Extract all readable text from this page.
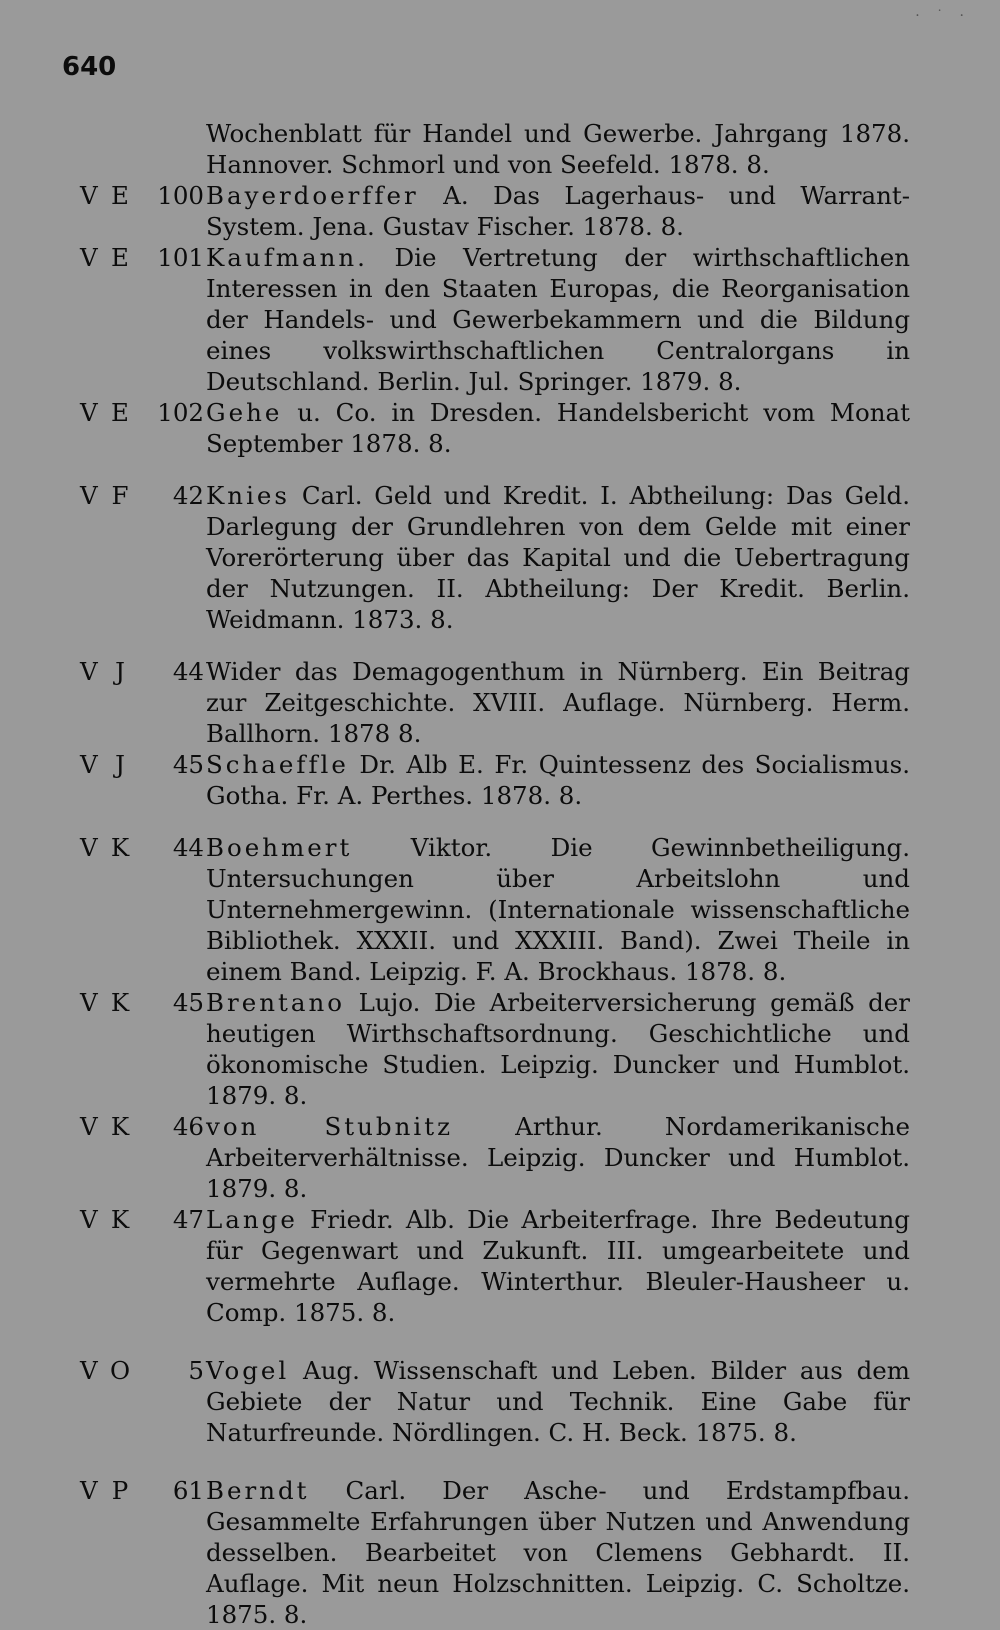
640
· ˙ ·
Wochenblatt für Handel und Gewerbe. Jahrgang 1878. Hannover. Schmorl und von Seefeld. 1878. 8.
V E	100 Bayerdoerffer A. Das Lagerhaus- und Warrant-System. Jena. Gustav Fischer. 1878. 8.
V E	101 Kaufmann. Die Vertretung der wirthschaftlichen Interessen in den Staaten Europas, die Reorganisation der Handels- und Gewerbekammern und die Bildung eines volkswirthschaftlichen Centralorgans in Deutschland. Berlin. Jul. Springer. 1879. 8.
V E	102 Gehe u. Co. in Dresden. Handelsbericht vom Monat September 1878. 8.
V F	42 Knies Carl. Geld und Kredit. I. Abtheilung: Das Geld. Darlegung der Grundlehren von dem Gelde mit einer Vorerörterung über das Kapital und die Uebertragung der Nutzungen. II. Abtheilung: Der Kredit. Berlin. Weidmann. 1873. 8.
V J	44 Wider das Demagogenthum in Nürnberg. Ein Beitrag zur Zeitgeschichte. XVIII. Auflage. Nürnberg. Herm. Ballhorn. 1878 8.
V J	45 Schaeffle Dr. Alb E. Fr. Quintessenz des Socialismus. Gotha. Fr. A. Perthes. 1878. 8.
V K	44 Boehmert Viktor. Die Gewinnbetheiligung. Untersuchungen über Arbeitslohn und Unternehmergewinn. (Internationale wissenschaftliche Bibliothek. XXXII. und XXXIII. Band). Zwei Theile in einem Band. Leipzig. F. A. Brockhaus. 1878. 8.
V K	45 Brentano Lujo. Die Arbeiterversicherung gemäß der heutigen Wirthschaftsordnung. Geschichtliche und ökonomische Studien. Leipzig. Duncker und Humblot. 1879. 8.
V K	46 von Stubnitz	Arthur. Nordamerikanische Arbeiterverhältnisse. Leipzig. Duncker und Humblot. 1879. 8.
V K	47 Lange Friedr. Alb. Die Arbeiterfrage. Ihre Bedeutung für Gegenwart und Zukunft. III. umgearbeitete und vermehrte Auflage. Winterthur. Bleuler-Hausheer u. Comp. 1875. 8.
V O	5 Vogel Aug. Wissenschaft und Leben. Bilder aus dem Gebiete der Natur und Technik. Eine Gabe für Naturfreunde. Nördlingen. C. H. Beck. 1875. 8.
V P	61 Berndt Carl. Der Asche- und Erdstampfbau. Gesammelte Erfahrungen über Nutzen und Anwendung desselben. Bearbeitet von Clemens Gebhardt. II. Auflage. Mit neun Holzschnitten. Leipzig. C. Scholtze. 1875. 8.
